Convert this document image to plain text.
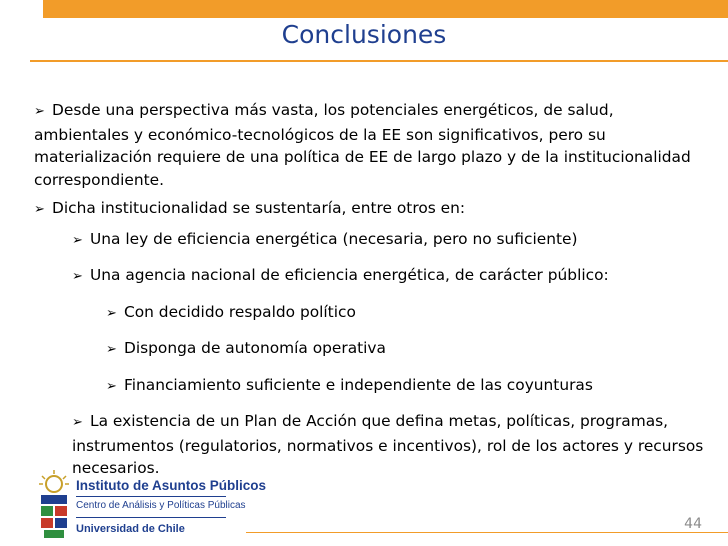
Conclusiones

➢ Desde una perspectiva más vasta, los potenciales energéticos, de salud, ambientales y económico-tecnológicos de la EE son significativos, pero su materialización requiere de una política de EE de largo plazo y de la institucionalidad correspondiente.

➢ Dicha institucionalidad se sustentaría, entre otros en:

➢ Una ley de eficiencia energética (necesaria, pero no suficiente)

➢ Una agencia nacional de eficiencia energética, de carácter público:

➢ Con decidido respaldo político

➢ Disponga de autonomía operativa

➢ Financiamiento suficiente e independiente de las coyunturas

➢ La existencia de un Plan de Acción que defina metas, políticas, programas, instrumentos (regulatorios, normativos e incentivos), rol de los actores y recursos necesarios.

Instituto de Asuntos Públicos
Centro de Análisis y Políticas Públicas
Universidad de Chile	44
